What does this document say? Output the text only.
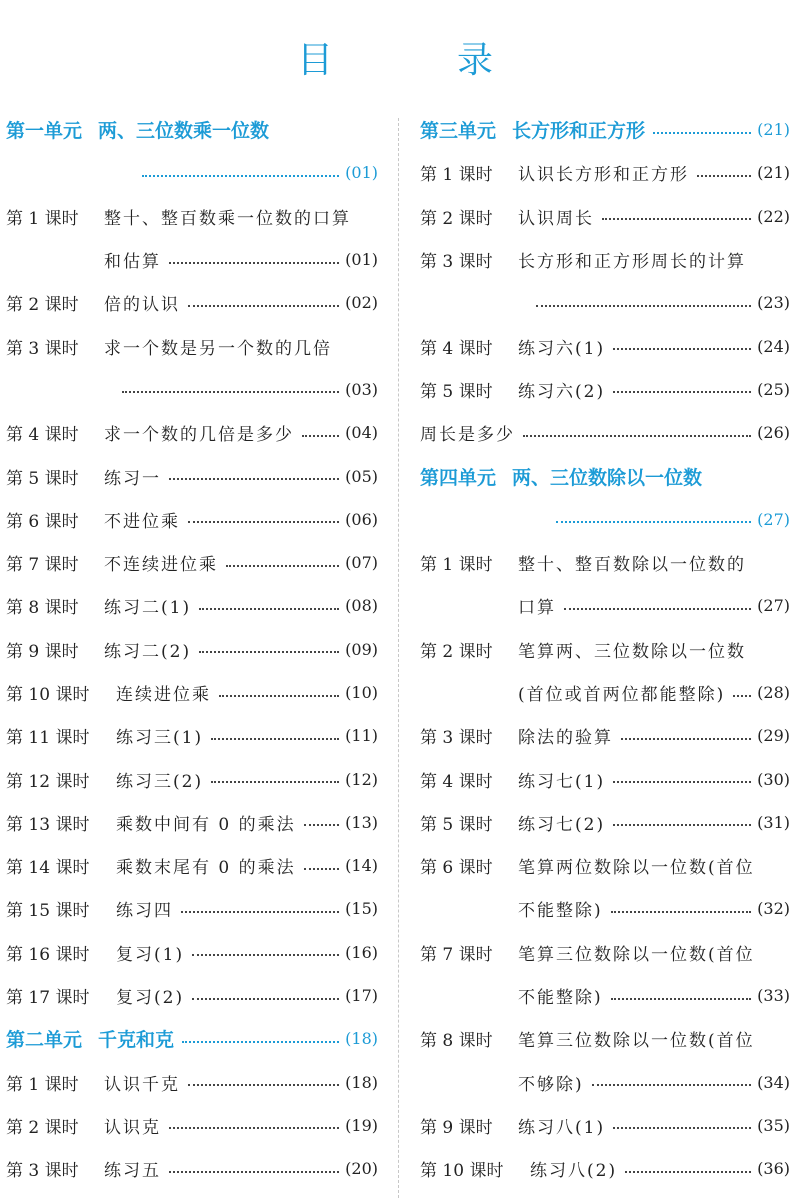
目　录
第一单元 两、三位数乘一位数
(01)
第 1 课时	整十、整百数乘一位数的口算
和估算	(01)
第 2 课时	倍的认识	(02)
第 3 课时	求一个数是另一个数的几倍
(03)
第 4 课时	求一个数的几倍是多少	(04)
第 5 课时	练习一	(05)
第 6 课时	不进位乘	(06)
第 7 课时	不连续进位乘	(07)
第 8 课时	练习二(1)	(08)
第 9 课时	练习二(2)	(09)
第 10 课时	连续进位乘	(10)
第 11 课时	练习三(1)	(11)
第 12 课时	练习三(2)	(12)
第 13 课时	乘数中间有 0 的乘法	(13)
第 14 课时	乘数末尾有 0 的乘法	(14)
第 15 课时	练习四	(15)
第 16 课时	复习(1)	(16)
第 17 课时	复习(2)	(17)
第二单元 千克和克	(18)
第 1 课时	认识千克	(18)
第 2 课时	认识克	(19)
第 3 课时	练习五	(20)
第三单元 长方形和正方形	(21)
第 1 课时	认识长方形和正方形	(21)
第 2 课时	认识周长	(22)
第 3 课时	长方形和正方形周长的计算
(23)
第 4 课时	练习六(1)	(24)
第 5 课时	练习六(2)	(25)
周长是多少	(26)
第四单元 两、三位数除以一位数
(27)
第 1 课时	整十、整百数除以一位数的
口算	(27)
第 2 课时	笔算两、三位数除以一位数
(首位或首两位都能整除) (28)
第 3 课时	除法的验算	(29)
第 4 课时	练习七(1)	(30)
第 5 课时	练习七(2)	(31)
第 6 课时	笔算两位数除以一位数(首位
不能整除)	(32)
第 7 课时	笔算三位数除以一位数(首位
不能整除)	(33)
第 8 课时	笔算三位数除以一位数(首位
不够除)	(34)
第 9 课时	练习八(1)	(35)
第 10 课时	练习八(2)	(36)
